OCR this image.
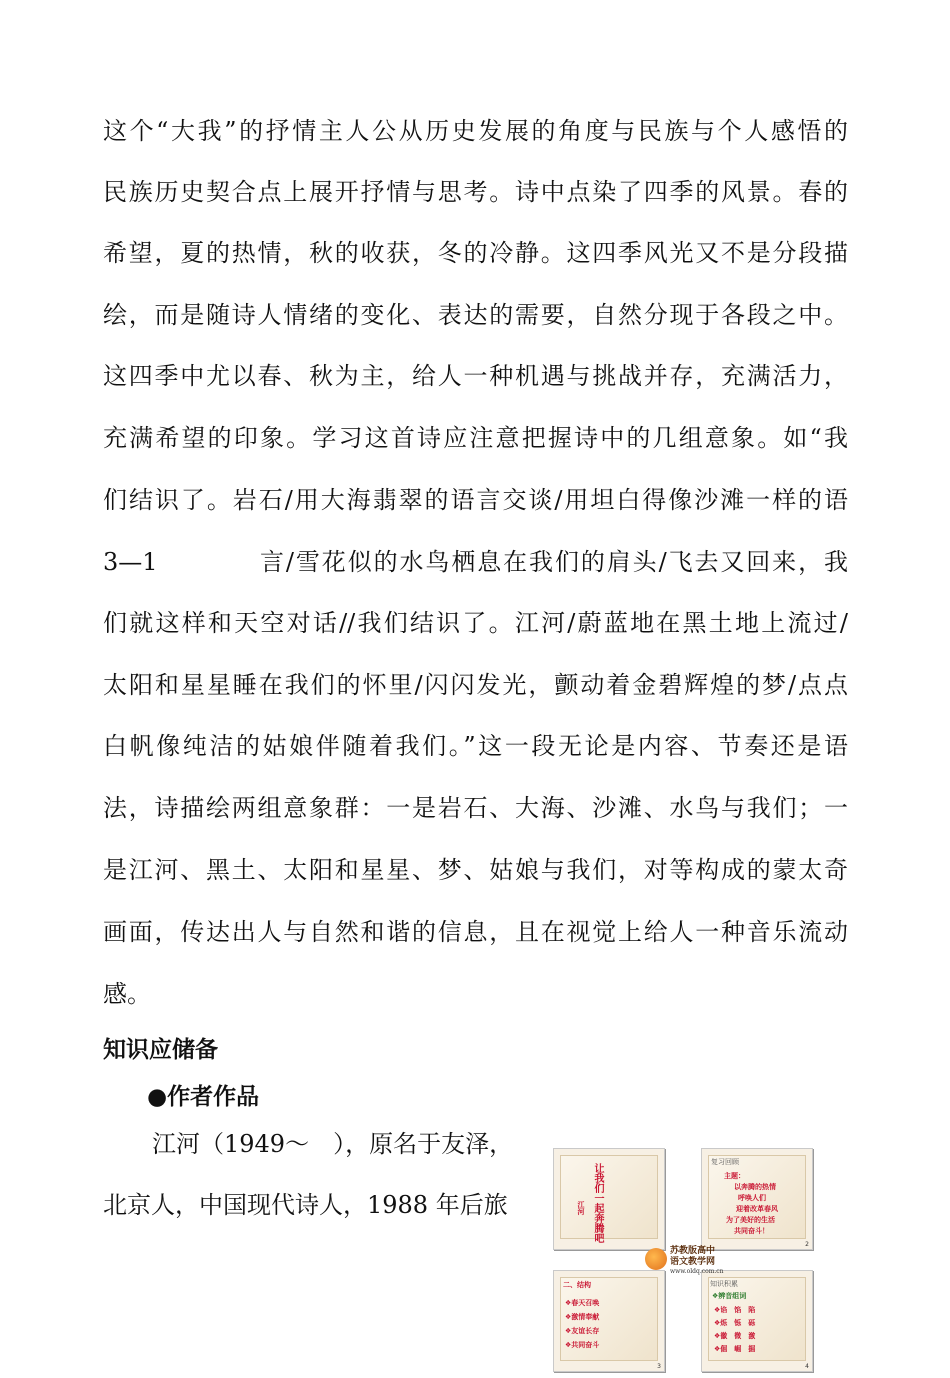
这个“大我”的抒情主人公从历史发展的角度与民族与个人感悟的
民族历史契合点上展开抒情与思考。诗中点染了四季的风景。春的
希望，夏的热情，秋的收获，冬的冷静。这四季风光又不是分段描
绘，而是随诗人情绪的变化、表达的需要，自然分现于各段之中。
这四季中尤以春、秋为主，给人一种机遇与挑战并存，充满活力，
充满希望的印象。学习这首诗应注意把握诗中的几组意象。如“我
们结识了。岩石/用大海翡翠的语言交谈/用坦白得像沙滩一样的语
3—1	言/雪花似的水鸟栖息在我们的肩头/飞去又回来，我
们就这样和天空对话//我们结识了。江河/蔚蓝地在黑土地上流过/
太阳和星星睡在我们的怀里/闪闪发光，颤动着金碧辉煌的梦/点点
白帆像纯洁的姑娘伴随着我们。”这一段无论是内容、节奏还是语
法，诗描绘两组意象群：一是岩石、大海、沙滩、水鸟与我们；一
是江河、黑土、太阳和星星、梦、姑娘与我们，对等构成的蒙太奇
画面，传达出人与自然和谐的信息，且在视觉上给人一种音乐流动
感。
知识应储备
●作者作品
江河（1949～　），原名于友泽，
北京人，中国现代诗人，1988 年后旅	让我们一起奔腾吧
江河
复习回顾
主题：
以奔腾的热情
呼唤人们
迎着改革春风
为了美好的生活
共同奋斗！
2
二、结构
❖春天召唤
❖激情奉献
❖友谊长存
❖共同奋斗
3
知识积累
❖辨音组词
❖谄　馅　陷
❖烁　铄　砾
❖徽　微　激
❖倔　崛　掘
4
苏教版高中
语文教学网
www.oldq.com.cn
